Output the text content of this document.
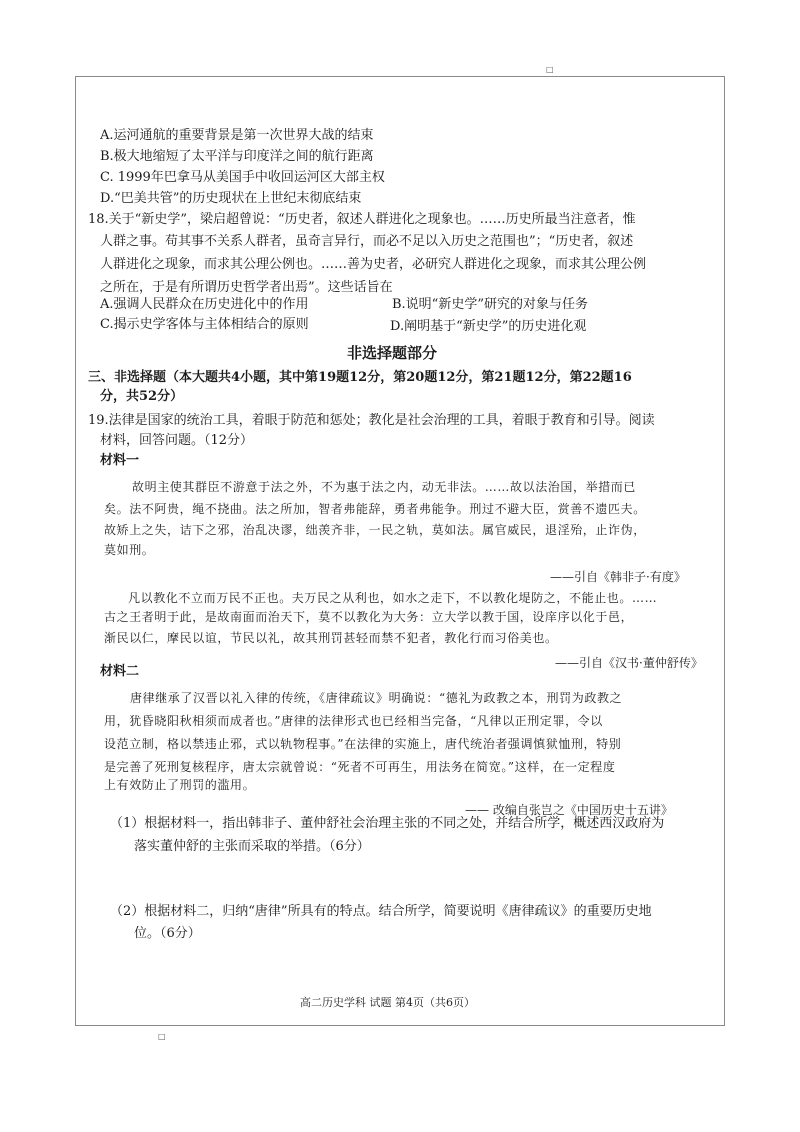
□
□
A.运河通航的重要背景是第一次世界大战的结束
B.极大地缩短了太平洋与印度洋之间的航行距离
C. 1999年巴拿马从美国手中收回运河区大部主权
D.“巴美共管”的历史现状在上世纪末彻底结束
18.关于“新史学”，梁启超曾说：“历史者，叙述人群进化之现象也。……历史所最当注意者，惟
人群之事。苟其事不关系人群者，虽奇言异行，而必不足以入历史之范围也”；“历史者，叙述
人群进化之现象，而求其公理公例也。……善为史者，必研究人群进化之现象，而求其公理公例
之所在，于是有所谓历史哲学者出焉”。这些话旨在
A.强调人民群众在历史进化中的作用	B.说明“新史学”研究的对象与任务
C.揭示史学客体与主体相结合的原则	D.阐明基于“新史学”的历史进化观
非选择题部分
三、非选择题（本大题共4小题，其中第19题12分，第20题12分，第21题12分，第22题16
分，共52分）
19.法律是国家的统治工具，着眼于防范和惩处；教化是社会治理的工具，着眼于教育和引导。阅读
材料，回答问题。（12分）
材料一
故明主使其群臣不游意于法之外，不为惠于法之内，动无非法。……故以法治国，举措而已
矣。法不阿贵，绳不挠曲。法之所加，智者弗能辞，勇者弗能争。刑过不避大臣，赏善不遗匹夫。
故矫上之失，诘下之邪，治乱决谬，绌羡齐非，一民之轨，莫如法。属官威民，退淫殆，止诈伪，
莫如刑。
——引自《韩非子·有度》
凡以教化不立而万民不正也。夫万民之从利也，如水之走下，不以教化堤防之，不能止也。……
古之王者明于此，是故南面而治天下，莫不以教化为大务：立大学以教于国，设庠序以化于邑，
渐民以仁，摩民以谊，节民以礼，故其刑罚甚轻而禁不犯者，教化行而习俗美也。
——引自《汉书·董仲舒传》
材料二
唐律继承了汉晋以礼入律的传统，《唐律疏议》明确说：“德礼为政教之本，刑罚为政教之
用，犹昏晓阳秋相须而成者也。”唐律的法律形式也已经相当完备，“凡律以正刑定罪，令以
设范立制，格以禁违止邪，式以轨物程事。”在法律的实施上，唐代统治者强调慎狱恤刑，特别
是完善了死刑复核程序，唐太宗就曾说：“死者不可再生，用法务在简宽。”这样，在一定程度
上有效防止了刑罚的滥用。
—— 改编自张岂之《中国历史十五讲》
（1）根据材料一，指出韩非子、董仲舒社会治理主张的不同之处，并结合所学，概述西汉政府为
落实董仲舒的主张而采取的举措。（6分）
（2）根据材料二，归纳“唐律”所具有的特点。结合所学，简要说明《唐律疏议》的重要历史地
位。（6分）
高二历史学科 试题 第4页（共6页）
